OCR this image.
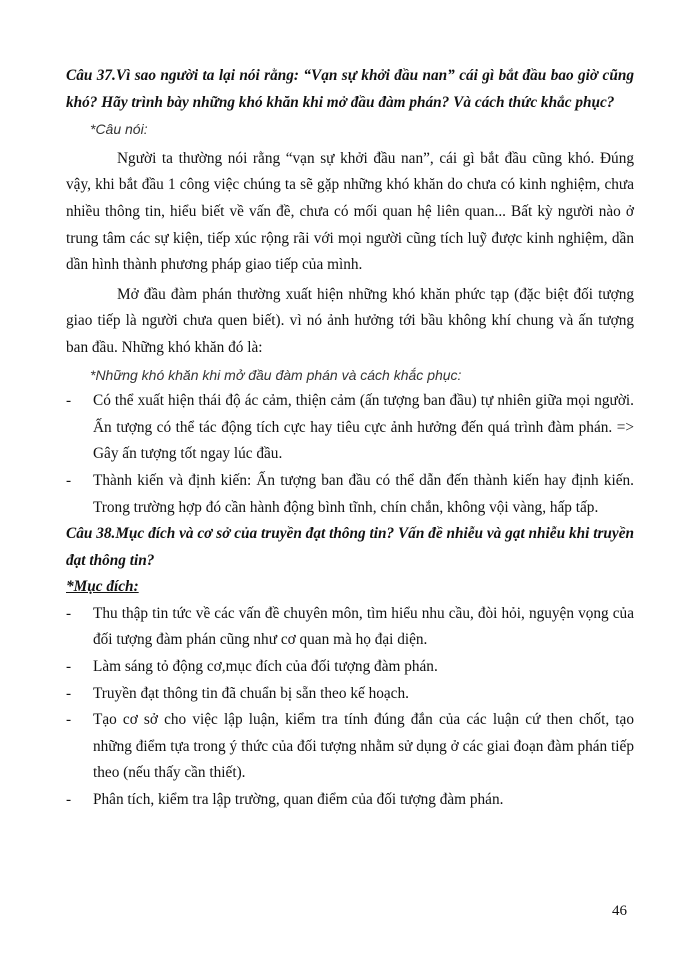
Câu 37.Vì sao người ta lại nói rằng: “Vạn sự khởi đầu nan” cái gì bắt đầu bao giờ cũng khó? Hãy trình bày những khó khăn khi mở đầu đàm phán? Và cách thức khắc phục?

*Câu nói:

Người ta thường nói rằng “vạn sự khởi đầu nan”, cái gì bắt đầu cũng khó. Đúng vậy, khi bắt đầu 1 công việc chúng ta sẽ gặp những khó khăn do chưa có kinh nghiệm, chưa nhiều thông tin, hiểu biết về vấn đề, chưa có mối quan hệ liên quan... Bất kỳ người nào ở trung tâm các sự kiện, tiếp xúc rộng rãi với mọi người cũng tích luỹ được kinh nghiệm, dần dần hình thành phương pháp giao tiếp của mình.

Mở đầu đàm phán thường xuất hiện những khó khăn phức tạp (đặc biệt đối tượng giao tiếp là người chưa quen biết). vì nó ảnh hưởng tới bầu không khí chung và ấn tượng ban đầu. Những khó khăn đó là:

*Những khó khăn khi mở đầu đàm phán và cách khắc phục:

-	Có thể xuất hiện thái độ ác cảm, thiện cảm (ấn tượng ban đầu) tự nhiên giữa mọi người. Ấn tượng có thể tác động tích cực hay tiêu cực ảnh hưởng đến quá trình đàm phán. => Gây ấn tượng tốt ngay lúc đầu.
-	Thành kiến và định kiến: Ấn tượng ban đầu có thể dẫn đến thành kiến hay định kiến. Trong trường hợp đó cần hành động bình tĩnh, chín chắn, không vội vàng, hấp tấp.

Câu 38.Mục đích và cơ sở của truyền đạt thông tin? Vấn đề nhiễu và gạt nhiễu khi truyền đạt thông tin?

*Mục đích:

-	Thu thập tin tức về các vấn đề chuyên môn, tìm hiểu nhu cầu, đòi hỏi, nguyện vọng của đối tượng đàm phán cũng như cơ quan mà họ đại diện.
-	Làm sáng tỏ động cơ,mục đích của đối tượng đàm phán.
-	Truyền đạt thông tin đã chuẩn bị sẵn theo kế hoạch.
-	Tạo cơ sở cho việc lập luận, kiểm tra tính đúng đắn của các luận cứ then chốt, tạo những điểm tựa trong ý thức của đối tượng nhằm sử dụng ở các giai đoạn đàm phán tiếp theo (nếu thấy cần thiết).
-	Phân tích, kiểm tra lập trường, quan điểm của đối tượng đàm phán.
46
